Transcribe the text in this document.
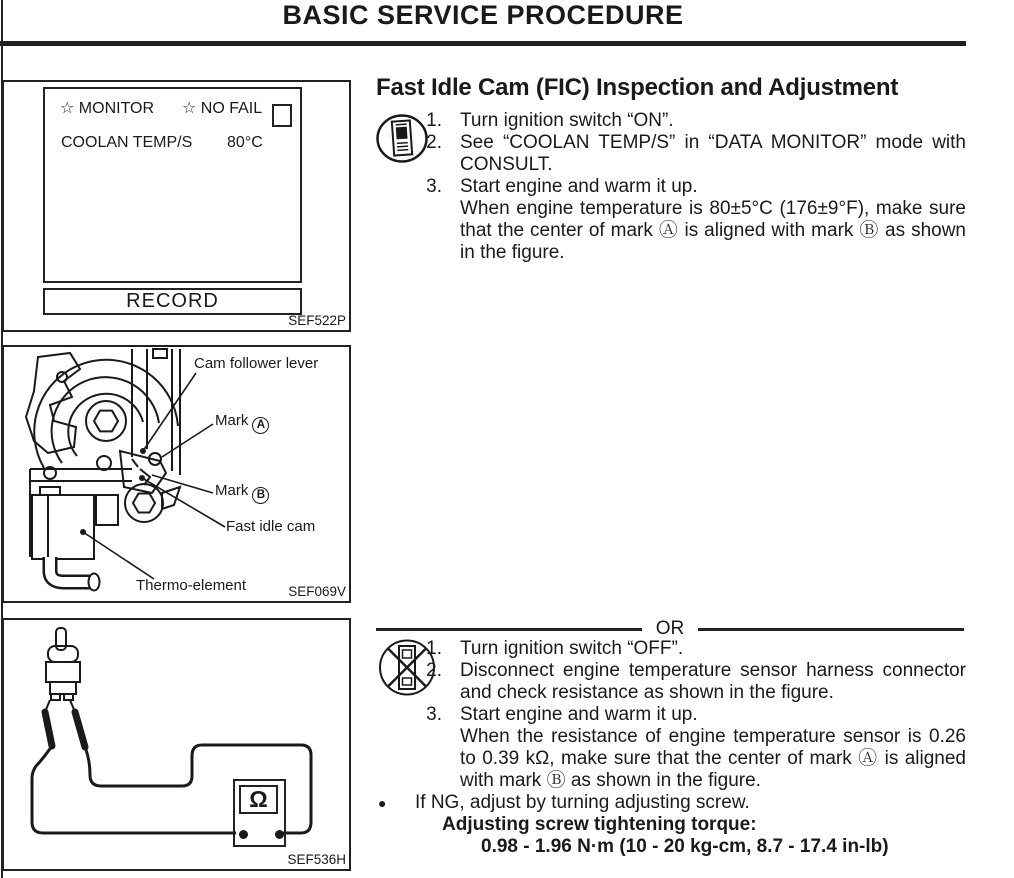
BASIC SERVICE PROCEDURE
☆ MONITOR ☆ NO FAIL
COOLAN TEMP/S 80°C
RECORD
SEF522P
Cam follower lever
Mark A
Mark B
Fast idle cam
Thermo-element	SEF069V
Ω
SEF536H
Fast Idle Cam (FIC) Inspection and Adjustment
1. Turn ignition switch “ON”.
2. See “COOLAN TEMP/S” in “DATA MONITOR” mode with CONSULT.
3. Start engine and warm it up.
When engine temperature is 80±5°C (176±9°F), make sure that the center of mark Ⓐ is aligned with mark Ⓑ as shown in the figure.
OR
1. Turn ignition switch “OFF”.
2. Disconnect engine temperature sensor harness connector and check resistance as shown in the figure.
3. Start engine and warm it up.
When the resistance of engine temperature sensor is 0.26 to 0.39 kΩ, make sure that the center of mark Ⓐ is aligned with mark Ⓑ as shown in the figure.
●	If NG, adjust by turning adjusting screw.
Adjusting screw tightening torque:
0.98 - 1.96 N·m (10 - 20 kg-cm, 8.7 - 17.4 in-lb)
